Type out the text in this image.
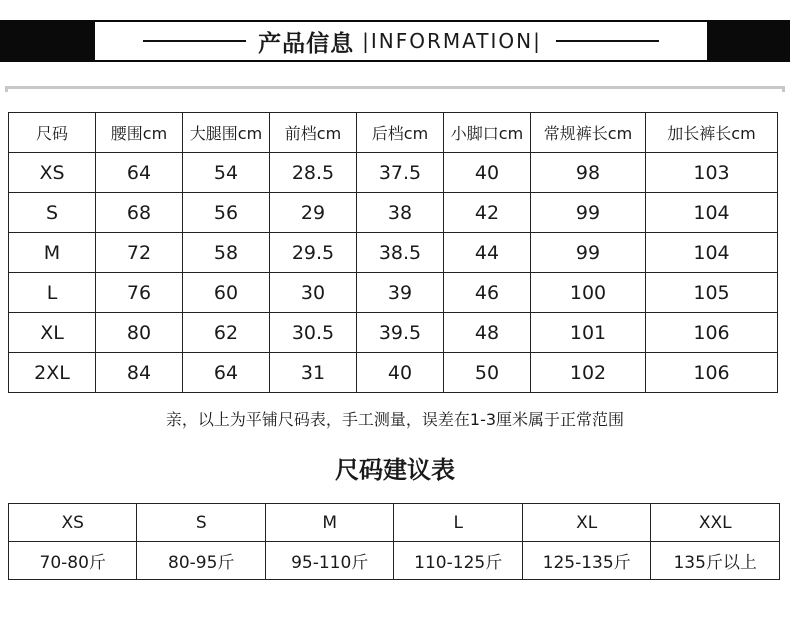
产品信息 |INFORMATION|
尺码	腰围cm	大腿围cm	前档cm	后档cm	小脚口cm	常规裤长cm	加长裤长cm
XS	64	54	28.5	37.5	40	98	103
S	68	56	29	38	42	99	104
M	72	58	29.5	38.5	44	99	104
L	76	60	30	39	46	100	105
XL	80	62	30.5	39.5	48	101	106
2XL	84	64	31	40	50	102	106
亲，以上为平铺尺码表，手工测量，误差在1-3厘米属于正常范围
尺码建议表
XS	S	M	L	XL	XXL
70-80斤	80-95斤	95-110斤	110-125斤	125-135斤	135斤以上
